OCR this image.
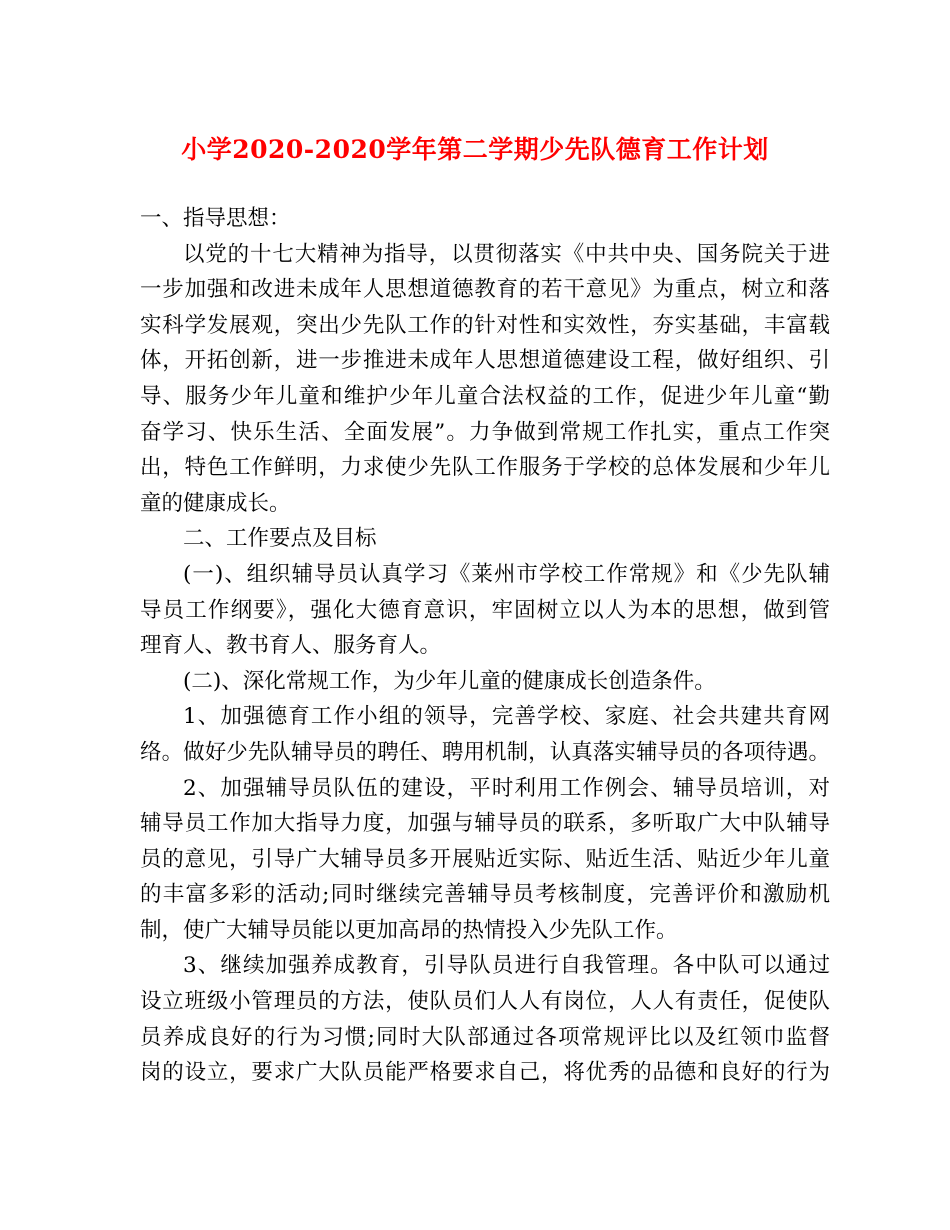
小学2020-2020学年第二学期少先队德育工作计划
一、指导思想：
以党的十七大精神为指导，以贯彻落实《中共中央、国务院关于进
一步加强和改进未成年人思想道德教育的若干意见》为重点，树立和落
实科学发展观，突出少先队工作的针对性和实效性，夯实基础，丰富载
体，开拓创新，进一步推进未成年人思想道德建设工程，做好组织、引
导、服务少年儿童和维护少年儿童合法权益的工作，促进少年儿童“勤
奋学习、快乐生活、全面发展”。力争做到常规工作扎实，重点工作突
出，特色工作鲜明，力求使少先队工作服务于学校的总体发展和少年儿
童的健康成长。
二、工作要点及目标
(一)、组织辅导员认真学习《莱州市学校工作常规》和《少先队辅
导员工作纲要》，强化大德育意识，牢固树立以人为本的思想，做到管
理育人、教书育人、服务育人。
(二)、深化常规工作，为少年儿童的健康成长创造条件。
1、加强德育工作小组的领导，完善学校、家庭、社会共建共育网
络。做好少先队辅导员的聘任、聘用机制，认真落实辅导员的各项待遇。
2、加强辅导员队伍的建设，平时利用工作例会、辅导员培训，对
辅导员工作加大指导力度，加强与辅导员的联系，多听取广大中队辅导
员的意见，引导广大辅导员多开展贴近实际、贴近生活、贴近少年儿童
的丰富多彩的活动;同时继续完善辅导员考核制度，完善评价和激励机
制，使广大辅导员能以更加高昂的热情投入少先队工作。
3、继续加强养成教育，引导队员进行自我管理。各中队可以通过
设立班级小管理员的方法，使队员们人人有岗位，人人有责任，促使队
员养成良好的行为习惯;同时大队部通过各项常规评比以及红领巾监督
岗的设立，要求广大队员能严格要求自己，将优秀的品德和良好的行为
